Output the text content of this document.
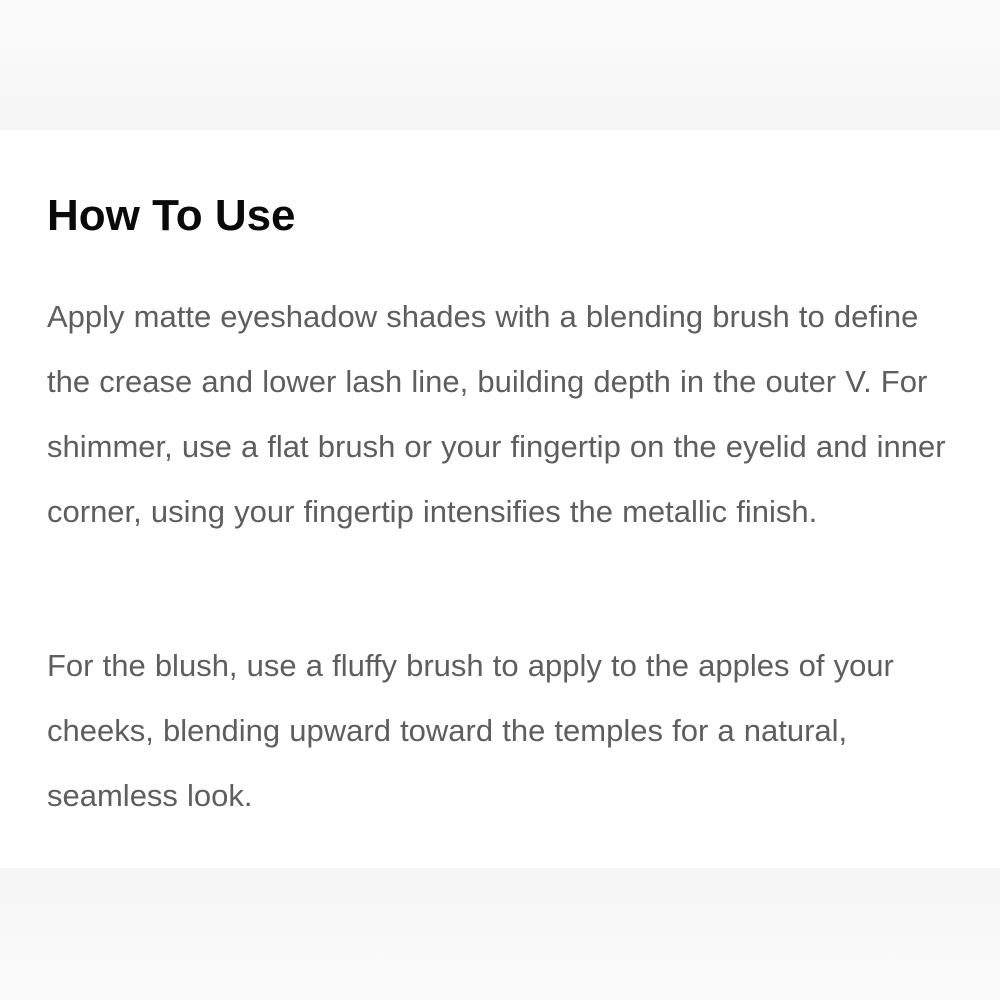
How To Use

Apply matte eyeshadow shades with a blending brush to define the crease and lower lash line, building depth in the outer V. For shimmer, use a flat brush or your fingertip on the eyelid and inner corner, using your fingertip intensifies the metallic finish.

For the blush, use a fluffy brush to apply to the apples of your cheeks, blending upward toward the temples for a natural, seamless look.
